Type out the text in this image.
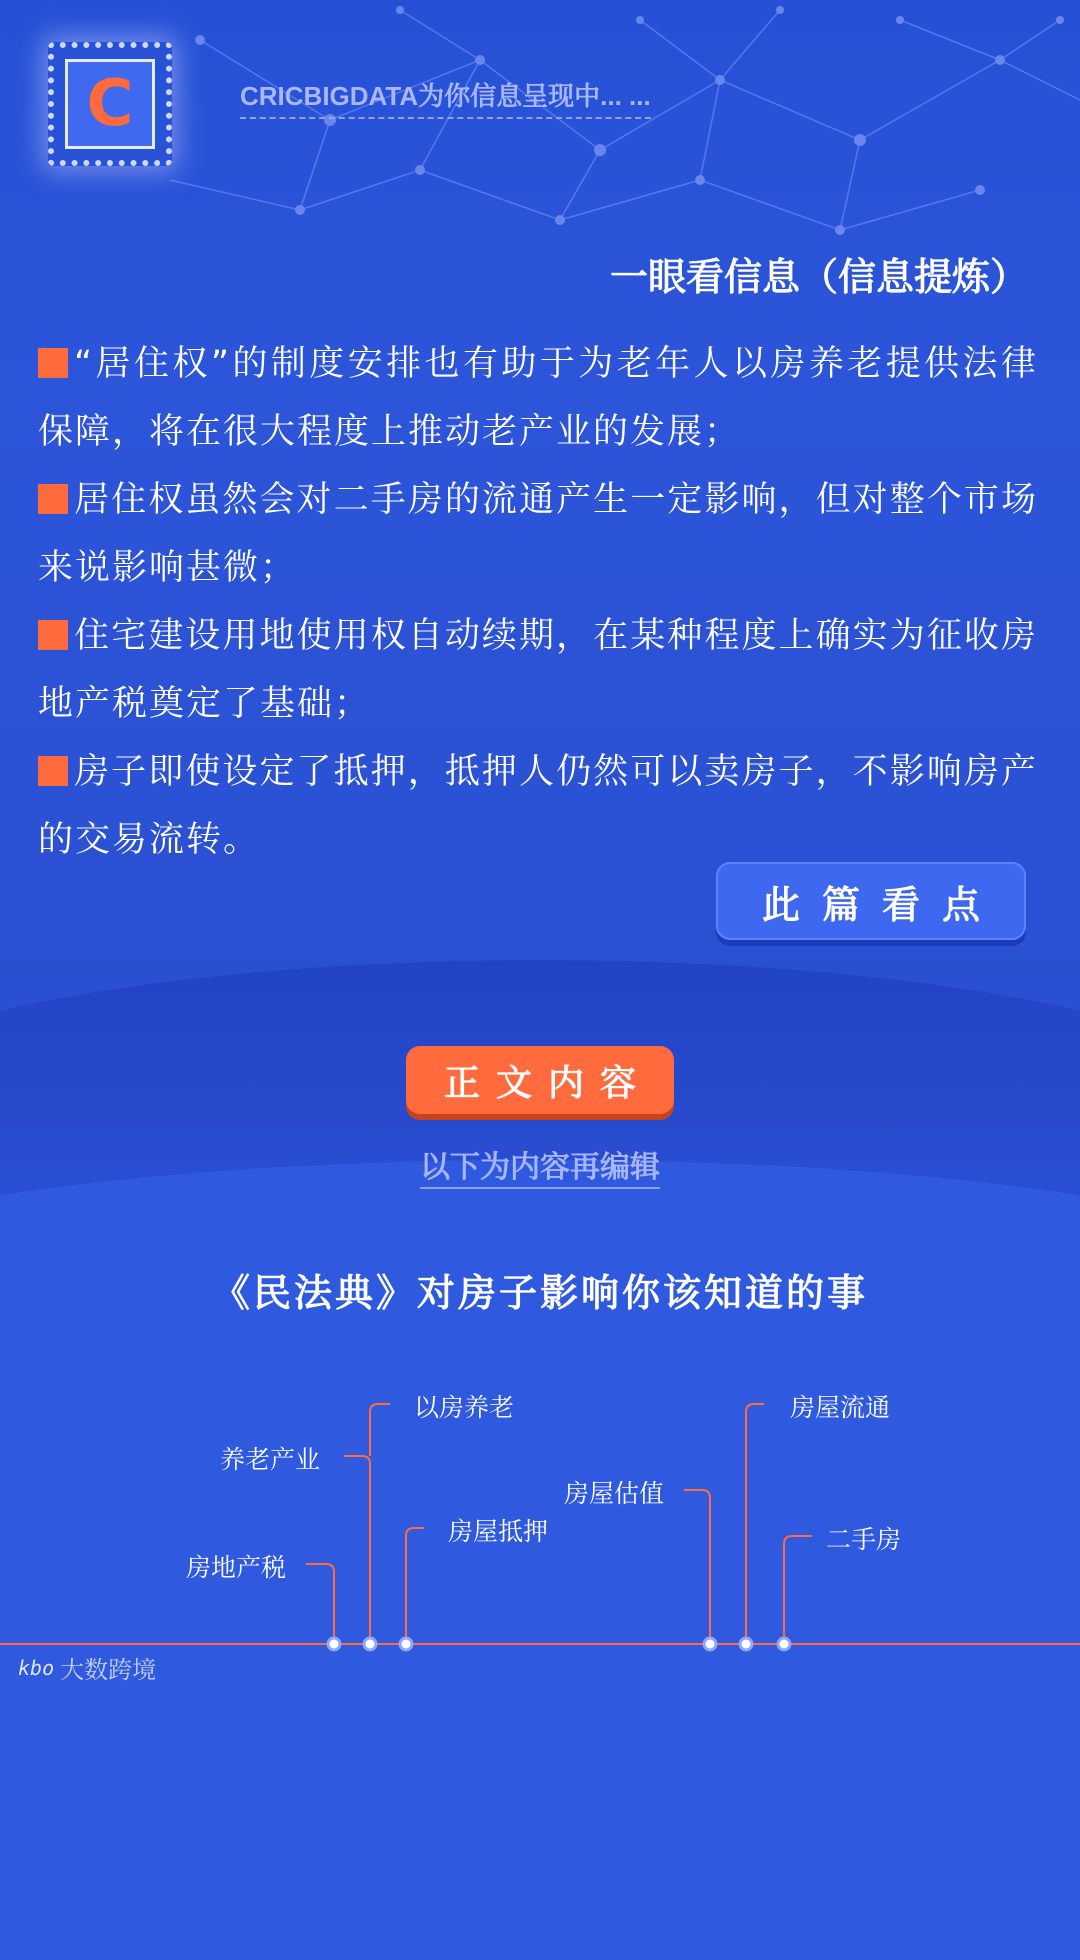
C	CRICBIGDATA为你信息呈现中... ...
一眼看信息（信息提炼）
“居住权”的制度安排也有助于为老年人以房养老提供法律保障，将在很大程度上推动老产业的发展；
居住权虽然会对二手房的流通产生一定影响，但对整个市场来说影响甚微；
住宅建设用地使用权自动续期，在某种程度上确实为征收房地产税奠定了基础；
房子即使设定了抵押，抵押人仍然可以卖房子，不影响房产的交易流转。
此篇看点
正文内容
以下为内容再编辑
《民法典》对房子影响你该知道的事
房地产税
养老产业
以房养老
房屋抵押
房屋估值
房屋流通
二手房
kbo 大数跨境
